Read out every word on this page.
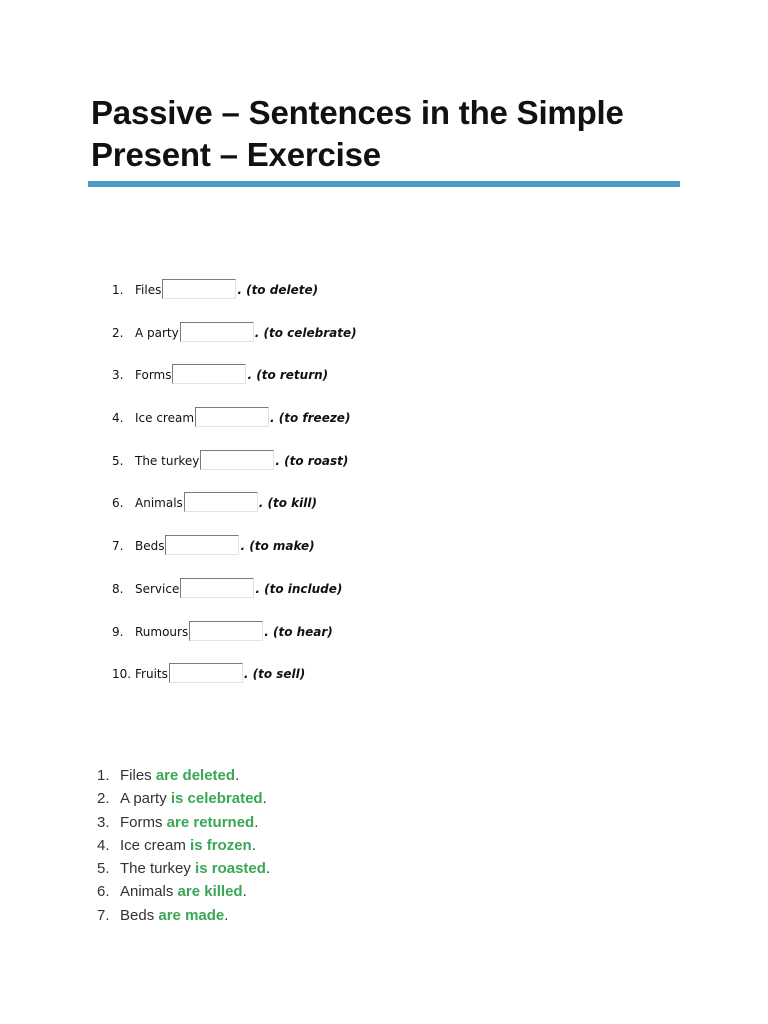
Passive – Sentences in the Simple Present – Exercise
1. Files	. (to delete)
2. A party	. (to celebrate)
3. Forms	. (to return)
4. Ice cream	. (to freeze)
5. The turkey	. (to roast)
6. Animals	. (to kill)
7. Beds	. (to make)
8. Service	. (to include)
9. Rumours	. (to hear)
10. Fruits	. (to sell)
1. Files are deleted.
2. A party is celebrated.
3. Forms are returned.
4. Ice cream is frozen.
5. The turkey is roasted.
6. Animals are killed.
7. Beds are made.
